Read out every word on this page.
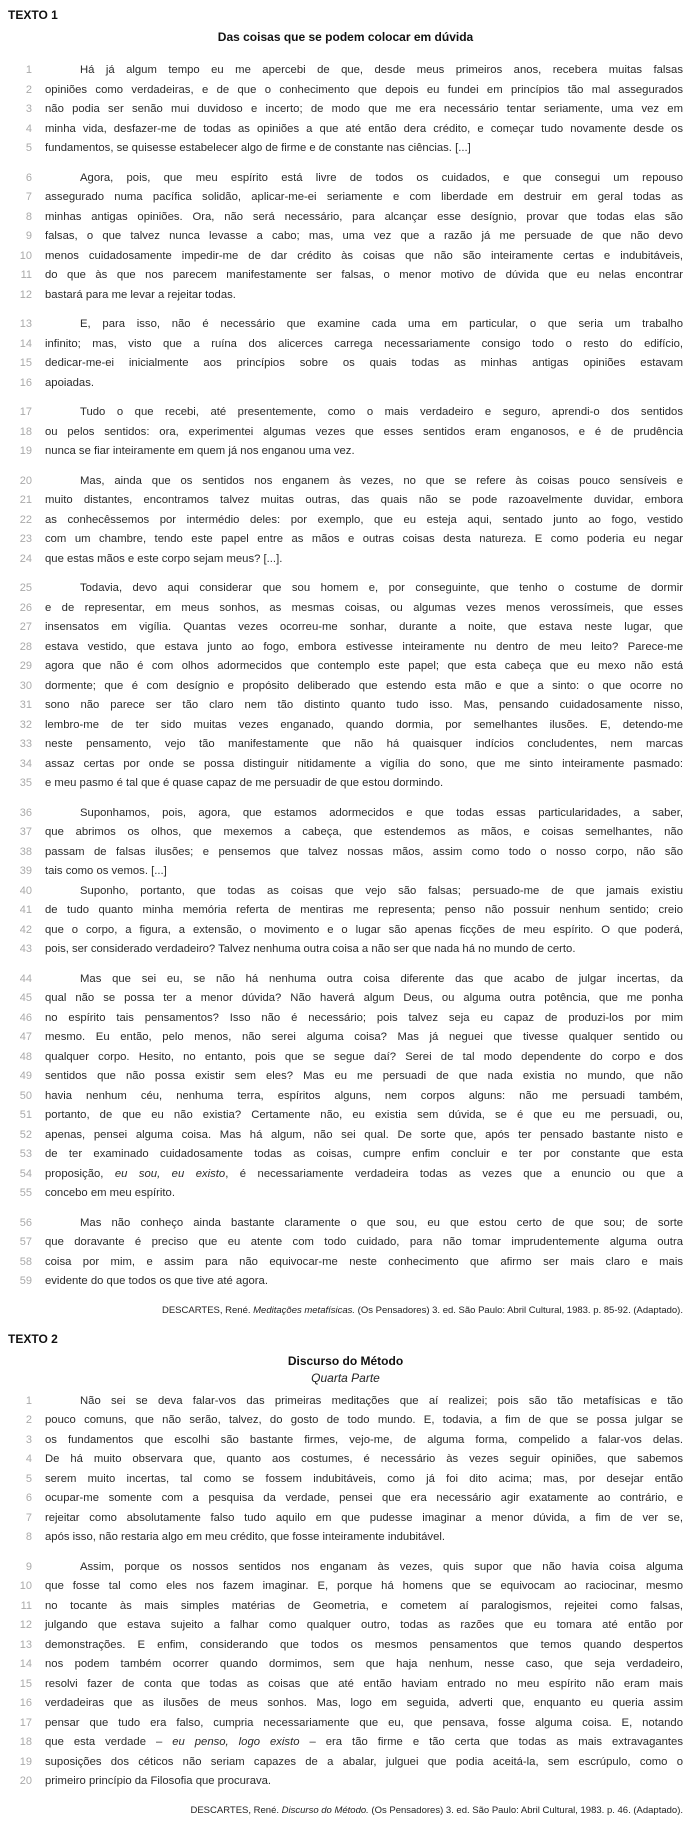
TEXTO 1
Das coisas que se podem colocar em dúvida
1	Há já algum tempo eu me apercebi de que, desde meus primeiros anos, recebera muitas falsas
2 opiniões como verdadeiras, e de que o conhecimento que depois eu fundei em princípios tão mal assegurados
3 não podia ser senão mui duvidoso e incerto; de modo que me era necessário tentar seriamente, uma vez em
4 minha vida, desfazer-me de todas as opiniões a que até então dera crédito, e começar tudo novamente desde os
5 fundamentos, se quisesse estabelecer algo de firme e de constante nas ciências. [...]
6	Agora, pois, que meu espírito está livre de todos os cuidados, e que consegui um repouso
7 assegurado numa pacífica solidão, aplicar-me-ei seriamente e com liberdade em destruir em geral todas as
8 minhas antigas opiniões. Ora, não será necessário, para alcançar esse desígnio, provar que todas elas são
9 falsas, o que talvez nunca levasse a cabo; mas, uma vez que a razão já me persuade de que não devo
10 menos cuidadosamente impedir-me de dar crédito às coisas que não são inteiramente certas e indubitáveis,
11 do que às que nos parecem manifestamente ser falsas, o menor motivo de dúvida que eu nelas encontrar
12 bastará para me levar a rejeitar todas.
13	E, para isso, não é necessário que examine cada uma em particular, o que seria um trabalho
14 infinito; mas, visto que a ruína dos alicerces carrega necessariamente consigo todo o resto do edifício,
15 dedicar-me-ei inicialmente aos princípios sobre os quais todas as minhas antigas opiniões estavam
16 apoiadas.
17	Tudo o que recebi, até presentemente, como o mais verdadeiro e seguro, aprendi-o dos sentidos
18 ou pelos sentidos: ora, experimentei algumas vezes que esses sentidos eram enganosos, e é de prudência
19 nunca se fiar inteiramente em quem já nos enganou uma vez.
20	Mas, ainda que os sentidos nos enganem às vezes, no que se refere às coisas pouco sensíveis e
21 muito distantes, encontramos talvez muitas outras, das quais não se pode razoavelmente duvidar, embora
22 as conhecêssemos por intermédio deles: por exemplo, que eu esteja aqui, sentado junto ao fogo, vestido
23 com um chambre, tendo este papel entre as mãos e outras coisas desta natureza. E como poderia eu negar
24 que estas mãos e este corpo sejam meus? [...].
25	Todavia, devo aqui considerar que sou homem e, por conseguinte, que tenho o costume de dormir
26 e de representar, em meus sonhos, as mesmas coisas, ou algumas vezes menos verossímeis, que esses
27 insensatos em vigília. Quantas vezes ocorreu-me sonhar, durante a noite, que estava neste lugar, que
28 estava vestido, que estava junto ao fogo, embora estivesse inteiramente nu dentro de meu leito? Parece-me
29 agora que não é com olhos adormecidos que contemplo este papel; que esta cabeça que eu mexo não está
30 dormente; que é com desígnio e propósito deliberado que estendo esta mão e que a sinto: o que ocorre no
31 sono não parece ser tão claro nem tão distinto quanto tudo isso. Mas, pensando cuidadosamente nisso,
32 lembro-me de ter sido muitas vezes enganado, quando dormia, por semelhantes ilusões. E, detendo-me
33 neste pensamento, vejo tão manifestamente que não há quaisquer indícios concludentes, nem marcas
34 assaz certas por onde se possa distinguir nitidamente a vigília do sono, que me sinto inteiramente pasmado:
35 e meu pasmo é tal que é quase capaz de me persuadir de que estou dormindo.
36	Suponhamos, pois, agora, que estamos adormecidos e que todas essas particularidades, a saber,
37 que abrimos os olhos, que mexemos a cabeça, que estendemos as mãos, e coisas semelhantes, não
38 passam de falsas ilusões; e pensemos que talvez nossas mãos, assim como todo o nosso corpo, não são
39 tais como os vemos. [...]
40	Suponho, portanto, que todas as coisas que vejo são falsas; persuado-me de que jamais existiu
41 de tudo quanto minha memória referta de mentiras me representa; penso não possuir nenhum sentido; creio
42 que o corpo, a figura, a extensão, o movimento e o lugar são apenas ficções de meu espírito. O que poderá,
43 pois, ser considerado verdadeiro? Talvez nenhuma outra coisa a não ser que nada há no mundo de certo.
44	Mas que sei eu, se não há nenhuma outra coisa diferente das que acabo de julgar incertas, da
45 qual não se possa ter a menor dúvida? Não haverá algum Deus, ou alguma outra potência, que me ponha
46 no espírito tais pensamentos? Isso não é necessário; pois talvez seja eu capaz de produzi-los por mim
47 mesmo. Eu então, pelo menos, não serei alguma coisa? Mas já neguei que tivesse qualquer sentido ou
48 qualquer corpo. Hesito, no entanto, pois que se segue daí? Serei de tal modo dependente do corpo e dos
49 sentidos que não possa existir sem eles? Mas eu me persuadi de que nada existia no mundo, que não
50 havia nenhum céu, nenhuma terra, espíritos alguns, nem corpos alguns: não me persuadi também,
51 portanto, de que eu não existia? Certamente não, eu existia sem dúvida, se é que eu me persuadi, ou,
52 apenas, pensei alguma coisa. Mas há algum, não sei qual. De sorte que, após ter pensado bastante nisto e
53 de ter examinado cuidadosamente todas as coisas, cumpre enfim concluir e ter por constante que esta
54 proposição, eu sou, eu existo, é necessariamente verdadeira todas as vezes que a enuncio ou que a
55 concebo em meu espírito.
56	Mas não conheço ainda bastante claramente o que sou, eu que estou certo de que sou; de sorte
57 que doravante é preciso que eu atente com todo cuidado, para não tomar imprudentemente alguma outra
58 coisa por mim, e assim para não equivocar-me neste conhecimento que afirmo ser mais claro e mais
59 evidente do que todos os que tive até agora.
DESCARTES, René. Meditações metafísicas. (Os Pensadores) 3. ed. São Paulo: Abril Cultural, 1983. p. 85-92. (Adaptado).
TEXTO 2
Discurso do Método
Quarta Parte
1	Não sei se deva falar-vos das primeiras meditações que aí realizei; pois são tão metafísicas e tão
2 pouco comuns, que não serão, talvez, do gosto de todo mundo. E, todavia, a fim de que se possa julgar se
3 os fundamentos que escolhi são bastante firmes, vejo-me, de alguma forma, compelido a falar-vos delas.
4 De há muito observara que, quanto aos costumes, é necessário às vezes seguir opiniões, que sabemos
5 serem muito incertas, tal como se fossem indubitáveis, como já foi dito acima; mas, por desejar então
6 ocupar-me somente com a pesquisa da verdade, pensei que era necessário agir exatamente ao contrário, e
7 rejeitar como absolutamente falso tudo aquilo em que pudesse imaginar a menor dúvida, a fim de ver se,
8 após isso, não restaria algo em meu crédito, que fosse inteiramente indubitável.
9	Assim, porque os nossos sentidos nos enganam às vezes, quis supor que não havia coisa alguma
10 que fosse tal como eles nos fazem imaginar. E, porque há homens que se equivocam ao raciocinar, mesmo
11 no tocante às mais simples matérias de Geometria, e cometem aí paralogismos, rejeitei como falsas,
12 julgando que estava sujeito a falhar como qualquer outro, todas as razões que eu tomara até então por
13 demonstrações. E enfim, considerando que todos os mesmos pensamentos que temos quando despertos
14 nos podem também ocorrer quando dormimos, sem que haja nenhum, nesse caso, que seja verdadeiro,
15 resolvi fazer de conta que todas as coisas que até então haviam entrado no meu espírito não eram mais
16 verdadeiras que as ilusões de meus sonhos. Mas, logo em seguida, adverti que, enquanto eu queria assim
17 pensar que tudo era falso, cumpria necessariamente que eu, que pensava, fosse alguma coisa. E, notando
18 que esta verdade – eu penso, logo existo – era tão firme e tão certa que todas as mais extravagantes
19 suposições dos céticos não seriam capazes de a abalar, julguei que podia aceitá-la, sem escrúpulo, como o
20 primeiro princípio da Filosofia que procurava.
DESCARTES, René. Discurso do Método. (Os Pensadores) 3. ed. São Paulo: Abril Cultural, 1983. p. 46. (Adaptado).
